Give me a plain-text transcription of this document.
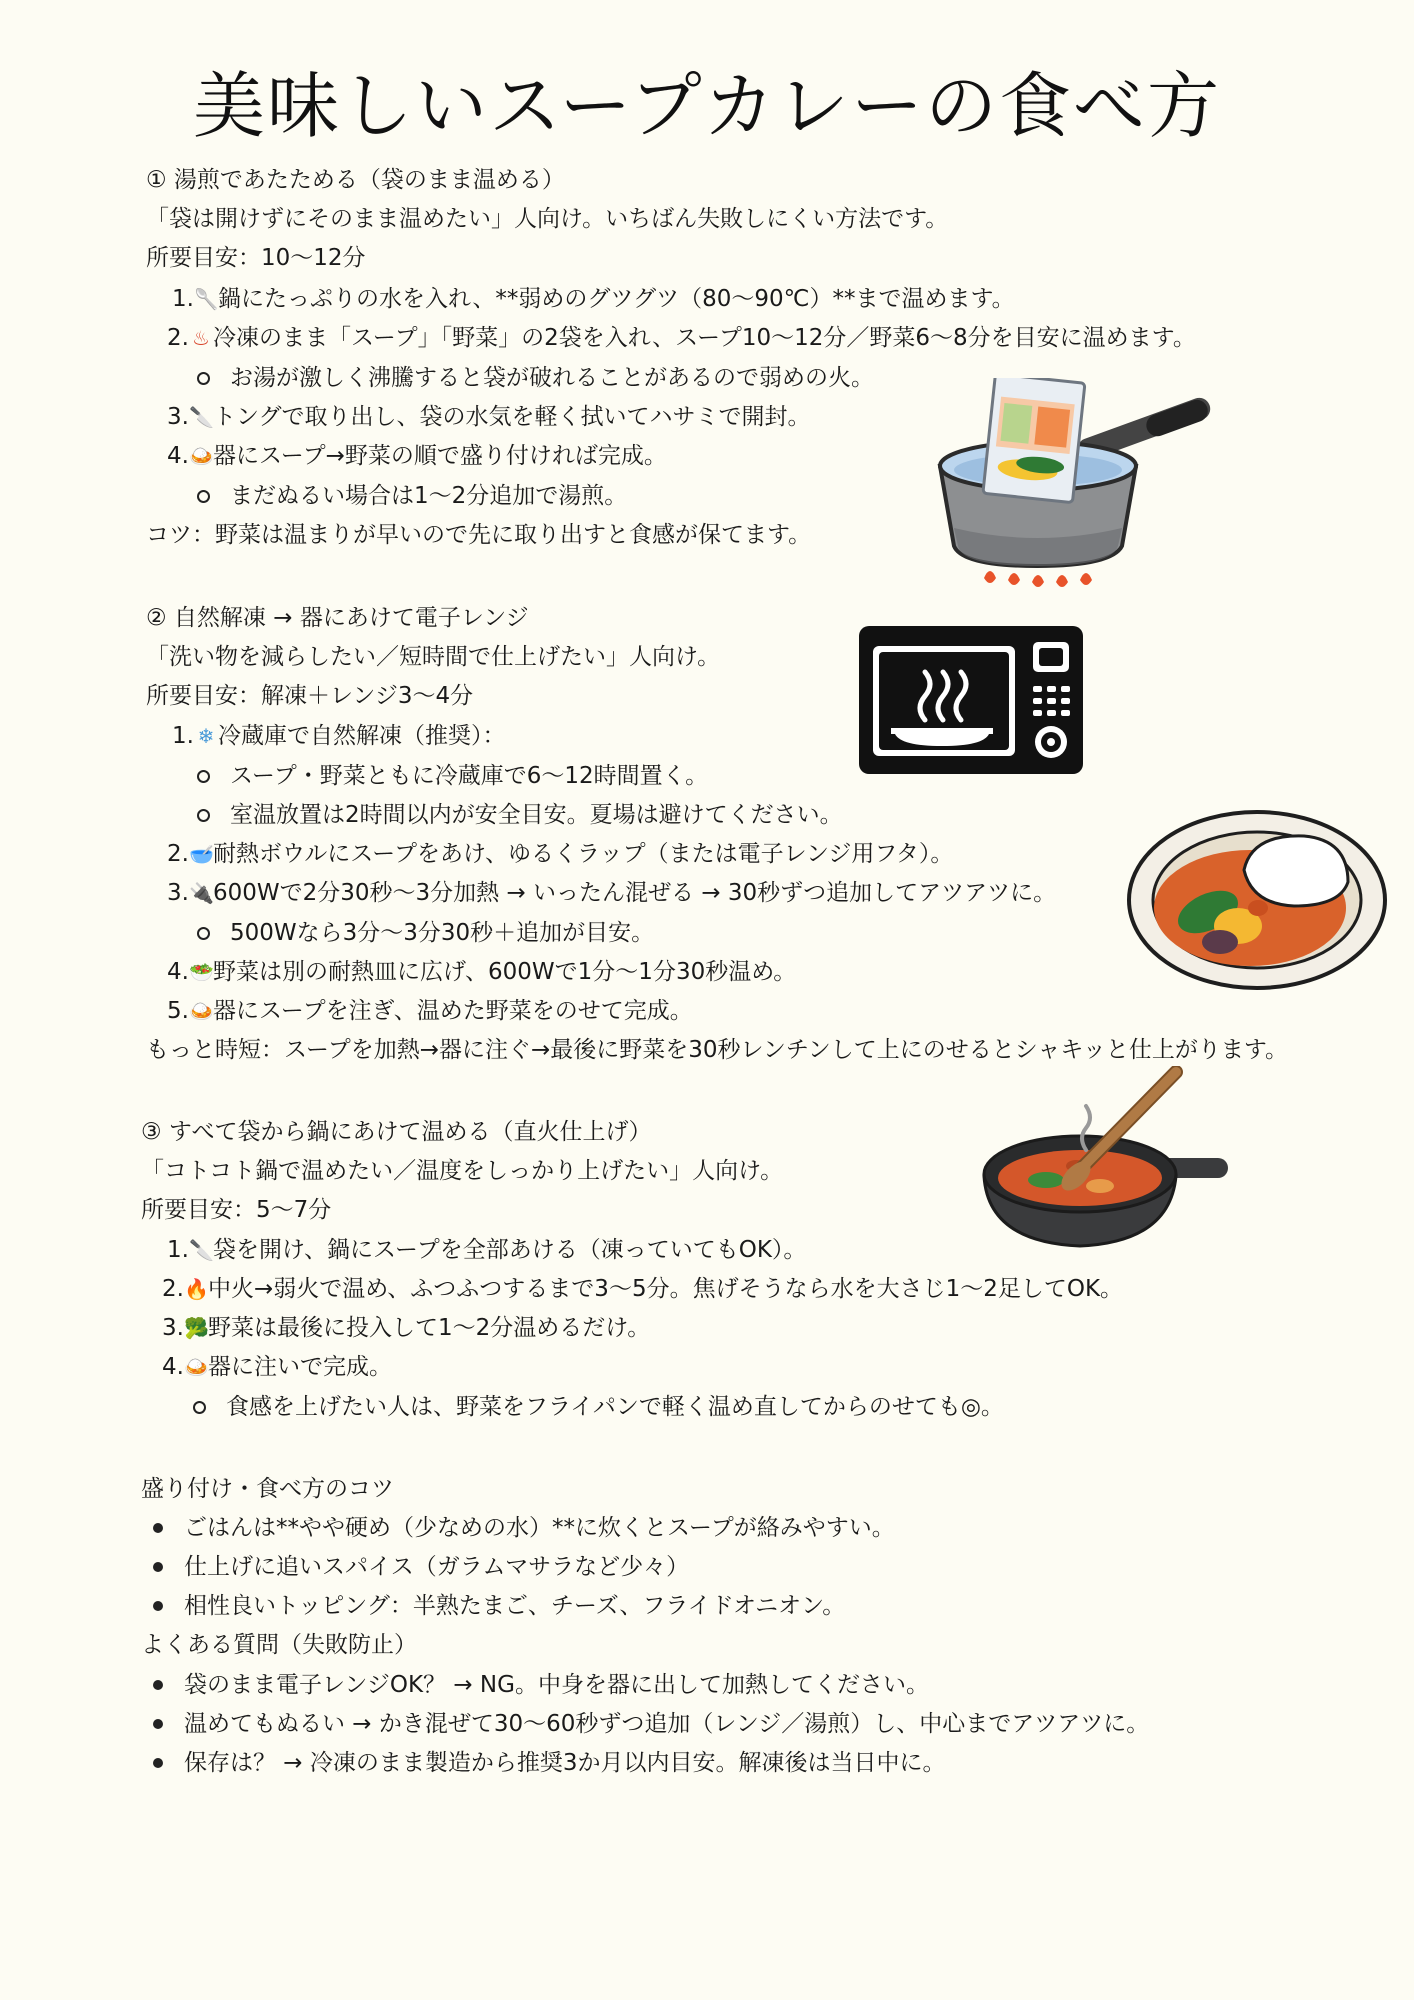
美味しいスープカレーの食べ方
① 湯煎であたためる（袋のまま温める）
「袋は開けずにそのまま温めたい」人向け。いちばん失敗しにくい方法です。
所要目安：10〜12分
1.🥄鍋にたっぷりの水を入れ、**弱めのグツグツ（80〜90℃）**まで温めます。
2. ♨ 冷凍のまま「スープ」「野菜」の2袋を入れ、スープ10〜12分／野菜6〜8分を目安に温めます。
お湯が激しく沸騰すると袋が破れることがあるので弱めの火。
3.🔪トングで取り出し、袋の水気を軽く拭いてハサミで開封。
4.🍛器にスープ→野菜の順で盛り付ければ完成。
まだぬるい場合は1〜2分追加で湯煎。
コツ：野菜は温まりが早いので先に取り出すと食感が保てます。
② 自然解凍 → 器にあけて電子レンジ
「洗い物を減らしたい／短時間で仕上げたい」人向け。
所要目安：解凍＋レンジ3〜4分
1. ❄ 冷蔵庫で自然解凍（推奨）：
スープ・野菜ともに冷蔵庫で6〜12時間置く。
室温放置は2時間以内が安全目安。夏場は避けてください。
2.🥣耐熱ボウルにスープをあけ、ゆるくラップ（または電子レンジ用フタ）。
3.🔌600Wで2分30秒〜3分加熱 → いったん混ぜる → 30秒ずつ追加してアツアツに。
500Wなら3分〜3分30秒＋追加が目安。
4.🥗野菜は別の耐熱皿に広げ、600Wで1分〜1分30秒温め。
5.🍛器にスープを注ぎ、温めた野菜をのせて完成。
もっと時短：スープを加熱→器に注ぐ→最後に野菜を30秒レンチンして上にのせるとシャキッと仕上がります。
③ すべて袋から鍋にあけて温める（直火仕上げ）
「コトコト鍋で温めたい／温度をしっかり上げたい」人向け。
所要目安：5〜7分
1.🔪袋を開け、鍋にスープを全部あける（凍っていてもOK）。
2.🔥中火→弱火で温め、ふつふつするまで3〜5分。焦げそうなら水を大さじ1〜2足してOK。
3.🥦野菜は最後に投入して1〜2分温めるだけ。
4.🍛器に注いで完成。
食感を上げたい人は、野菜をフライパンで軽く温め直してからのせても◎。
盛り付け・食べ方のコツ
ごはんは**やや硬め（少なめの水）**に炊くとスープが絡みやすい。
仕上げに追いスパイス（ガラムマサラなど少々）
相性良いトッピング：半熟たまご、チーズ、フライドオニオン。
よくある質問（失敗防止）
袋のまま電子レンジOK？ → NG。中身を器に出して加熱してください。
温めてもぬるい → かき混ぜて30〜60秒ずつ追加（レンジ／湯煎）し、中心までアツアツに。
保存は？ → 冷凍のまま製造から推奨3か月以内目安。解凍後は当日中に。
